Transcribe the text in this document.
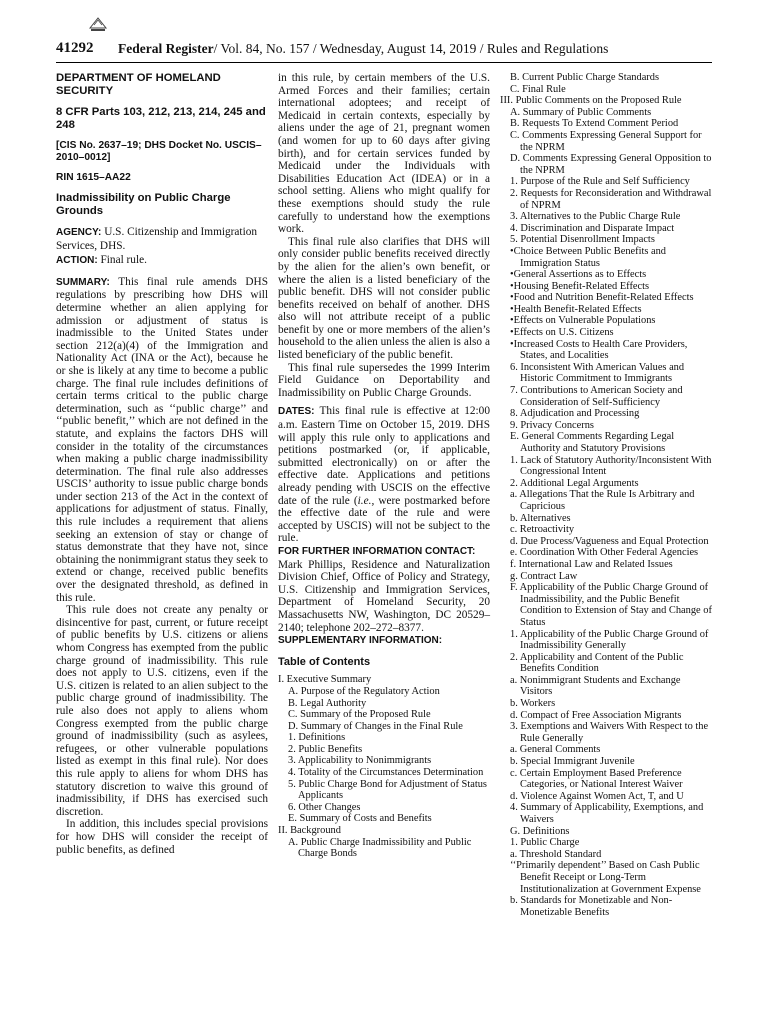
41292 Federal Register/ Vol. 84, No. 157 / Wednesday, August 14, 2019 / Rules and Regulations
DEPARTMENT OF HOMELAND SECURITY
8 CFR Parts 103, 212, 213, 214, 245 and 248
[CIS No. 2637–19; DHS Docket No. USCIS–2010–0012]
RIN 1615–AA22
Inadmissibility on Public Charge Grounds

AGENCY: U.S. Citizenship and Immigration Services, DHS.

ACTION: Final rule.

SUMMARY: This final rule amends DHS regulations by prescribing how DHS will determine whether an alien applying for admission or adjustment of status is inadmissible to the United States under section 212(a)(4) of the Immigration and Nationality Act (INA or the Act), because he or she is likely at any time to become a public charge. The final rule includes definitions of certain terms critical to the public charge determination, such as ‘‘public charge’’ and ‘‘public benefit,’’ which are not defined in the statute, and explains the factors DHS will consider in the totality of the circumstances when making a public charge inadmissibility determination. The final rule also addresses USCIS’ authority to issue public charge bonds under section 213 of the Act in the context of applications for adjustment of status. Finally, this rule includes a requirement that aliens seeking an extension of stay or change of status demonstrate that they have not, since obtaining the nonimmigrant status they seek to extend or change, received public benefits over the designated threshold, as defined in this rule.

This rule does not create any penalty or disincentive for past, current, or future receipt of public benefits by U.S. citizens or aliens whom Congress has exempted from the public charge ground of inadmissibility. This rule does not apply to U.S. citizens, even if the U.S. citizen is related to an alien subject to the public charge ground of inadmissibility. The rule also does not apply to aliens whom Congress exempted from the public charge ground of inadmissibility (such as asylees, refugees, or other vulnerable populations listed as exempt in this final rule). Nor does this rule apply to aliens for whom DHS has statutory discretion to waive this ground of inadmissibility, if DHS has exercised such discretion.

In addition, this includes special provisions for how DHS will consider the receipt of public benefits, as defined

in this rule, by certain members of the U.S. Armed Forces and their families; certain international adoptees; and receipt of Medicaid in certain contexts, especially by aliens under the age of 21, pregnant women (and women for up to 60 days after giving birth), and for certain services funded by Medicaid under the Individuals with Disabilities Education Act (IDEA) or in a school setting. Aliens who might qualify for these exemptions should study the rule carefully to understand how the exemptions work.

This final rule also clarifies that DHS will only consider public benefits received directly by the alien for the alien’s own benefit, or where the alien is a listed beneficiary of the public benefit. DHS will not consider public benefits received on behalf of another. DHS also will not attribute receipt of a public benefit by one or more members of the alien’s household to the alien unless the alien is also a listed beneficiary of the public benefit.

This final rule supersedes the 1999 Interim Field Guidance on Deportability and Inadmissibility on Public Charge Grounds.

DATES: This final rule is effective at 12:00 a.m. Eastern Time on October 15, 2019. DHS will apply this rule only to applications and petitions postmarked (or, if applicable, submitted electronically) on or after the effective date. Applications and petitions already pending with USCIS on the effective date of the rule (i.e., were postmarked before the effective date of the rule and were accepted by USCIS) will not be subject to the rule.

FOR FURTHER INFORMATION CONTACT:
Mark Phillips, Residence and Naturalization Division Chief, Office of Policy and Strategy, U.S. Citizenship and Immigration Services, Department of Homeland Security, 20 Massachusetts NW, Washington, DC 20529–2140; telephone 202–272–8377.

SUPPLEMENTARY INFORMATION:

Table of Contents
I. Executive Summary
A. Purpose of the Regulatory Action
B. Legal Authority
C. Summary of the Proposed Rule
D. Summary of Changes in the Final Rule
1. Definitions
2. Public Benefits
3. Applicability to Nonimmigrants
4. Totality of the Circumstances Determination
5. Public Charge Bond for Adjustment of Status Applicants
6. Other Changes
E. Summary of Costs and Benefits
II. Background
A. Public Charge Inadmissibility and Public Charge Bonds
B. Current Public Charge Standards
C. Final Rule
III. Public Comments on the Proposed Rule
A. Summary of Public Comments
B. Requests To Extend Comment Period
C. Comments Expressing General Support for the NPRM
D. Comments Expressing General Opposition to the NPRM
1. Purpose of the Rule and Self Sufficiency
2. Requests for Reconsideration and Withdrawal of NPRM
3. Alternatives to the Public Charge Rule
4. Discrimination and Disparate Impact
5. Potential Disenrollment Impacts
• Choice Between Public Benefits and Immigration Status
• General Assertions as to Effects
• Housing Benefit-Related Effects
• Food and Nutrition Benefit-Related Effects
• Health Benefit-Related Effects
• Effects on Vulnerable Populations
• Effects on U.S. Citizens
• Increased Costs to Health Care Providers, States, and Localities
6. Inconsistent With American Values and Historic Commitment to Immigrants
7. Contributions to American Society and Consideration of Self-Sufficiency
8. Adjudication and Processing
9. Privacy Concerns
E. General Comments Regarding Legal Authority and Statutory Provisions
1. Lack of Statutory Authority/Inconsistent With Congressional Intent
2. Additional Legal Arguments
a. Allegations That the Rule Is Arbitrary and Capricious
b. Alternatives
c. Retroactivity
d. Due Process/Vagueness and Equal Protection
e. Coordination With Other Federal Agencies
f. International Law and Related Issues
g. Contract Law
F. Applicability of the Public Charge Ground of Inadmissibility, and the Public Benefit Condition to Extension of Stay and Change of Status
1. Applicability of the Public Charge Ground of Inadmissibility Generally
2. Applicability and Content of the Public Benefits Condition
a. Nonimmigrant Students and Exchange Visitors
b. Workers
d. Compact of Free Association Migrants
3. Exemptions and Waivers With Respect to the Rule Generally
a. General Comments
b. Special Immigrant Juvenile
c. Certain Employment Based Preference Categories, or National Interest Waiver
d. Violence Against Women Act, T, and U
4. Summary of Applicability, Exemptions, and Waivers
G. Definitions
1. Public Charge
a. Threshold Standard
‘‘Primarily dependent’’ Based on Cash Public Benefit Receipt or Long-Term Institutionalization at Government Expense
b. Standards for Monetizable and Non-Monetizable Benefits
